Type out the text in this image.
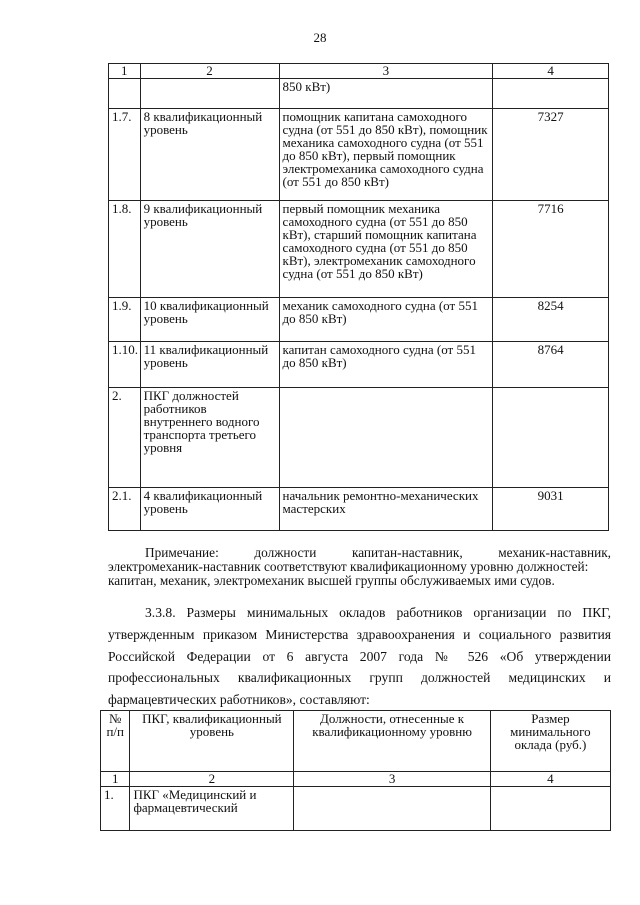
28
1	2	3	4
		850 кВт)	
1.7.	8 квалификационный уровень	помощник капитана самоходного судна (от 551 до 850 кВт), помощник механика самоходного судна (от 551 до 850 кВт), первый помощник электромеханика самоходного судна (от 551 до 850 кВт)	7327
1.8.	9 квалификационный уровень	первый помощник механика самоходного судна (от 551 до 850 кВт), старший помощник капитана самоходного судна (от 551 до 850 кВт), электромеханик самоходного судна (от 551 до 850 кВт)	7716
1.9.	10 квалификационный уровень	механик самоходного судна (от 551 до 850 кВт)	8254
1.10.	11 квалификационный уровень	капитан самоходного судна (от 551 до 850 кВт)	8764
2.	ПКГ должностей работников внутреннего водного транспорта третьего уровня		
2.1.	4 квалификационный уровень	начальник ремонтно-механических мастерских	9031
Примечание: должности капитан-наставник, механик-наставник,

электромеханик-наставник соответствуют квалификационному уровню должностей: капитан, механик, электромеханик высшей группы обслуживаемых ими судов.

3.3.8. Размеры минимальных окладов работников организации по ПКГ, утвержденным приказом Министерства здравоохранения и социального развития Российской Федерации от 6 августа 2007 года № 526 «Об утверждении профессиональных квалификационных групп должностей медицинских и фармацевтических работников», составляют:
№ п/п	ПКГ, квалификационный уровень	Должности, отнесенные к квалификационному уровню	Размер минимального оклада (руб.)
1	2	3	4
1.	ПКГ «Медицинский и фармацевтический		
